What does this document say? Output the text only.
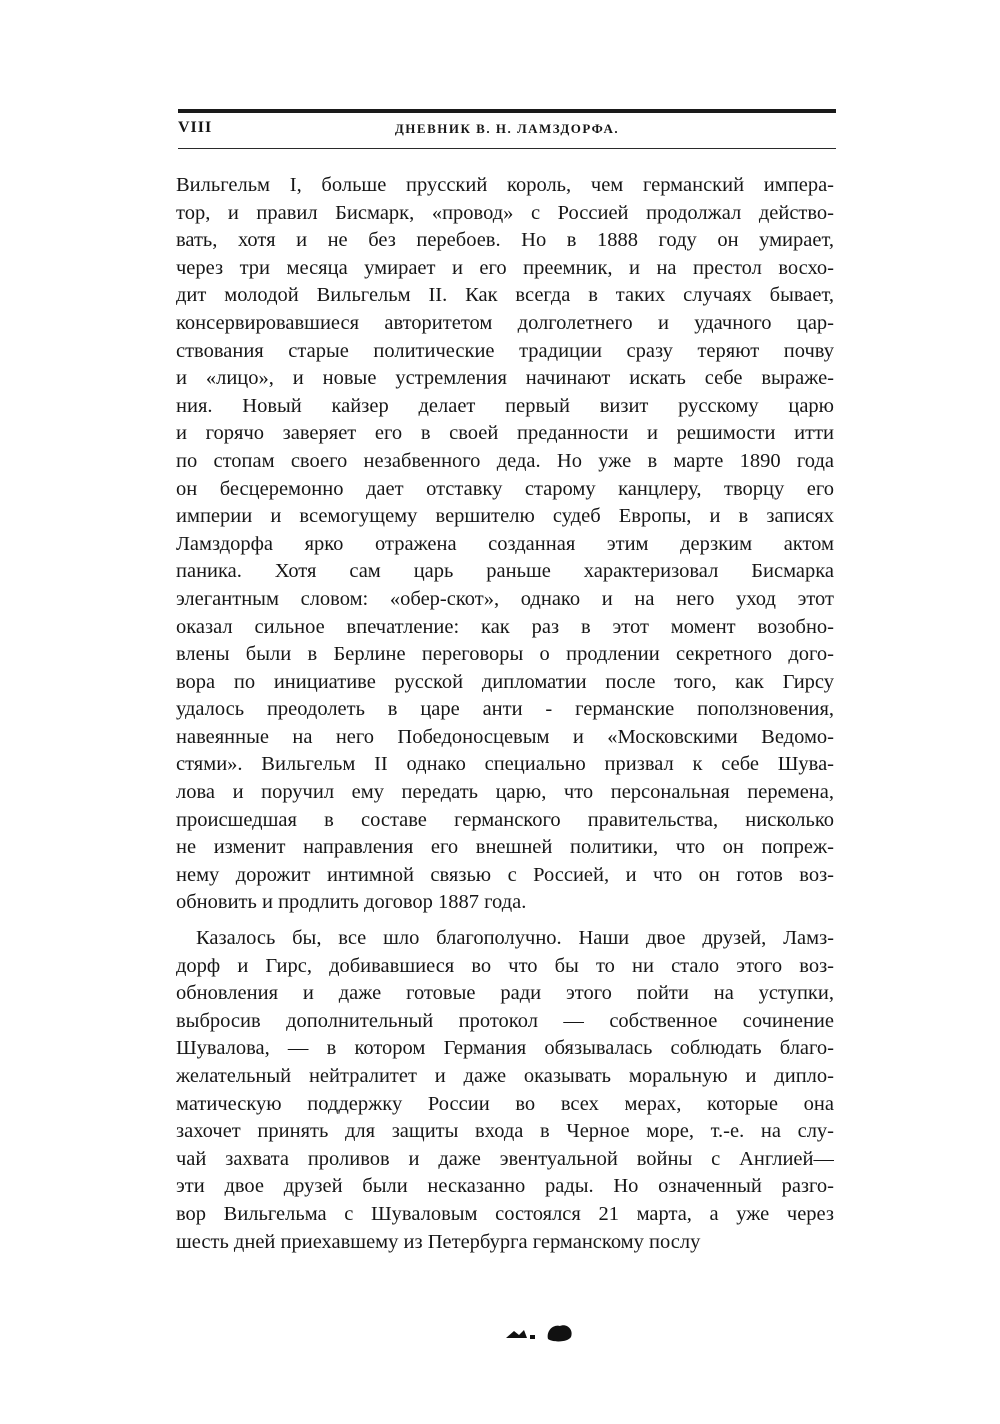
VIII	ДНЕВНИК В. Н. ЛАМЗДОРФА.

Вильгельм I, больше прусский король, чем германский импера-
тор, и правил Бисмарк, «провод» с Россией продолжал действо-
вать, хотя и не без перебоев. Но в 1888 году он умирает,
через три месяца умирает и его преемник, и на престол восхо-
дит молодой Вильгельм II. Как всегда в таких случаях бывает,
консервировавшиеся авторитетом долголетнего и удачного цар-
ствования старые политические традиции сразу теряют почву
и «лицо», и новые устремления начинают искать себе выраже-
ния. Новый кайзер делает первый визит русскому царю
и горячо заверяет его в своей преданности и решимости итти
по стопам своего незабвенного деда. Но уже в марте 1890 года
он бесцеремонно дает отставку старому канцлеру, творцу его
империи и всемогущему вершителю судеб Европы, и в записях
Ламздорфа ярко отражена созданная этим дерзким актом
паника. Хотя сам царь раньше характеризовал Бисмарка
элегантным словом: «обер-скот», однако и на него уход этот
оказал сильное впечатление: как раз в этот момент возобно-
влены были в Берлине переговоры о продлении секретного дого-
вора по инициативе русской дипломатии после того, как Гирсу
удалось преодолеть в царе анти - германские поползновения,
навеянные на него Победоносцевым и «Московскими Ведомо-
стями». Вильгельм II однако специально призвал к себе Шува-
лова и поручил ему передать царю, что персональная перемена,
происшедшая в составе германского правительства, нисколько
не изменит направления его внешней политики, что он попреж-
нему дорожит интимной связью с Россией, и что он готов воз-
обновить и продлить договор 1887 года.

Казалось бы, все шло благополучно. Наши двое друзей, Ламз-
дорф и Гирс, добивавшиеся во что бы то ни стало этого воз-
обновления и даже готовые ради этого пойти на уступки,
выбросив дополнительный протокол — собственное сочинение
Шувалова, — в котором Германия обязывалась соблюдать благо-
желательный нейтралитет и даже оказывать моральную и дипло-
матическую поддержку России во всех мерах, которые она
захочет принять для защиты входа в Черное море, т.-е. на слу-
чай захвата проливов и даже эвентуальной войны с Англией—
эти двое друзей были несказанно рады. Но означенный разго-
вор Вильгельма с Шуваловым состоялся 21 марта, а уже через
шесть дней приехавшему из Петербурга германскому послу
